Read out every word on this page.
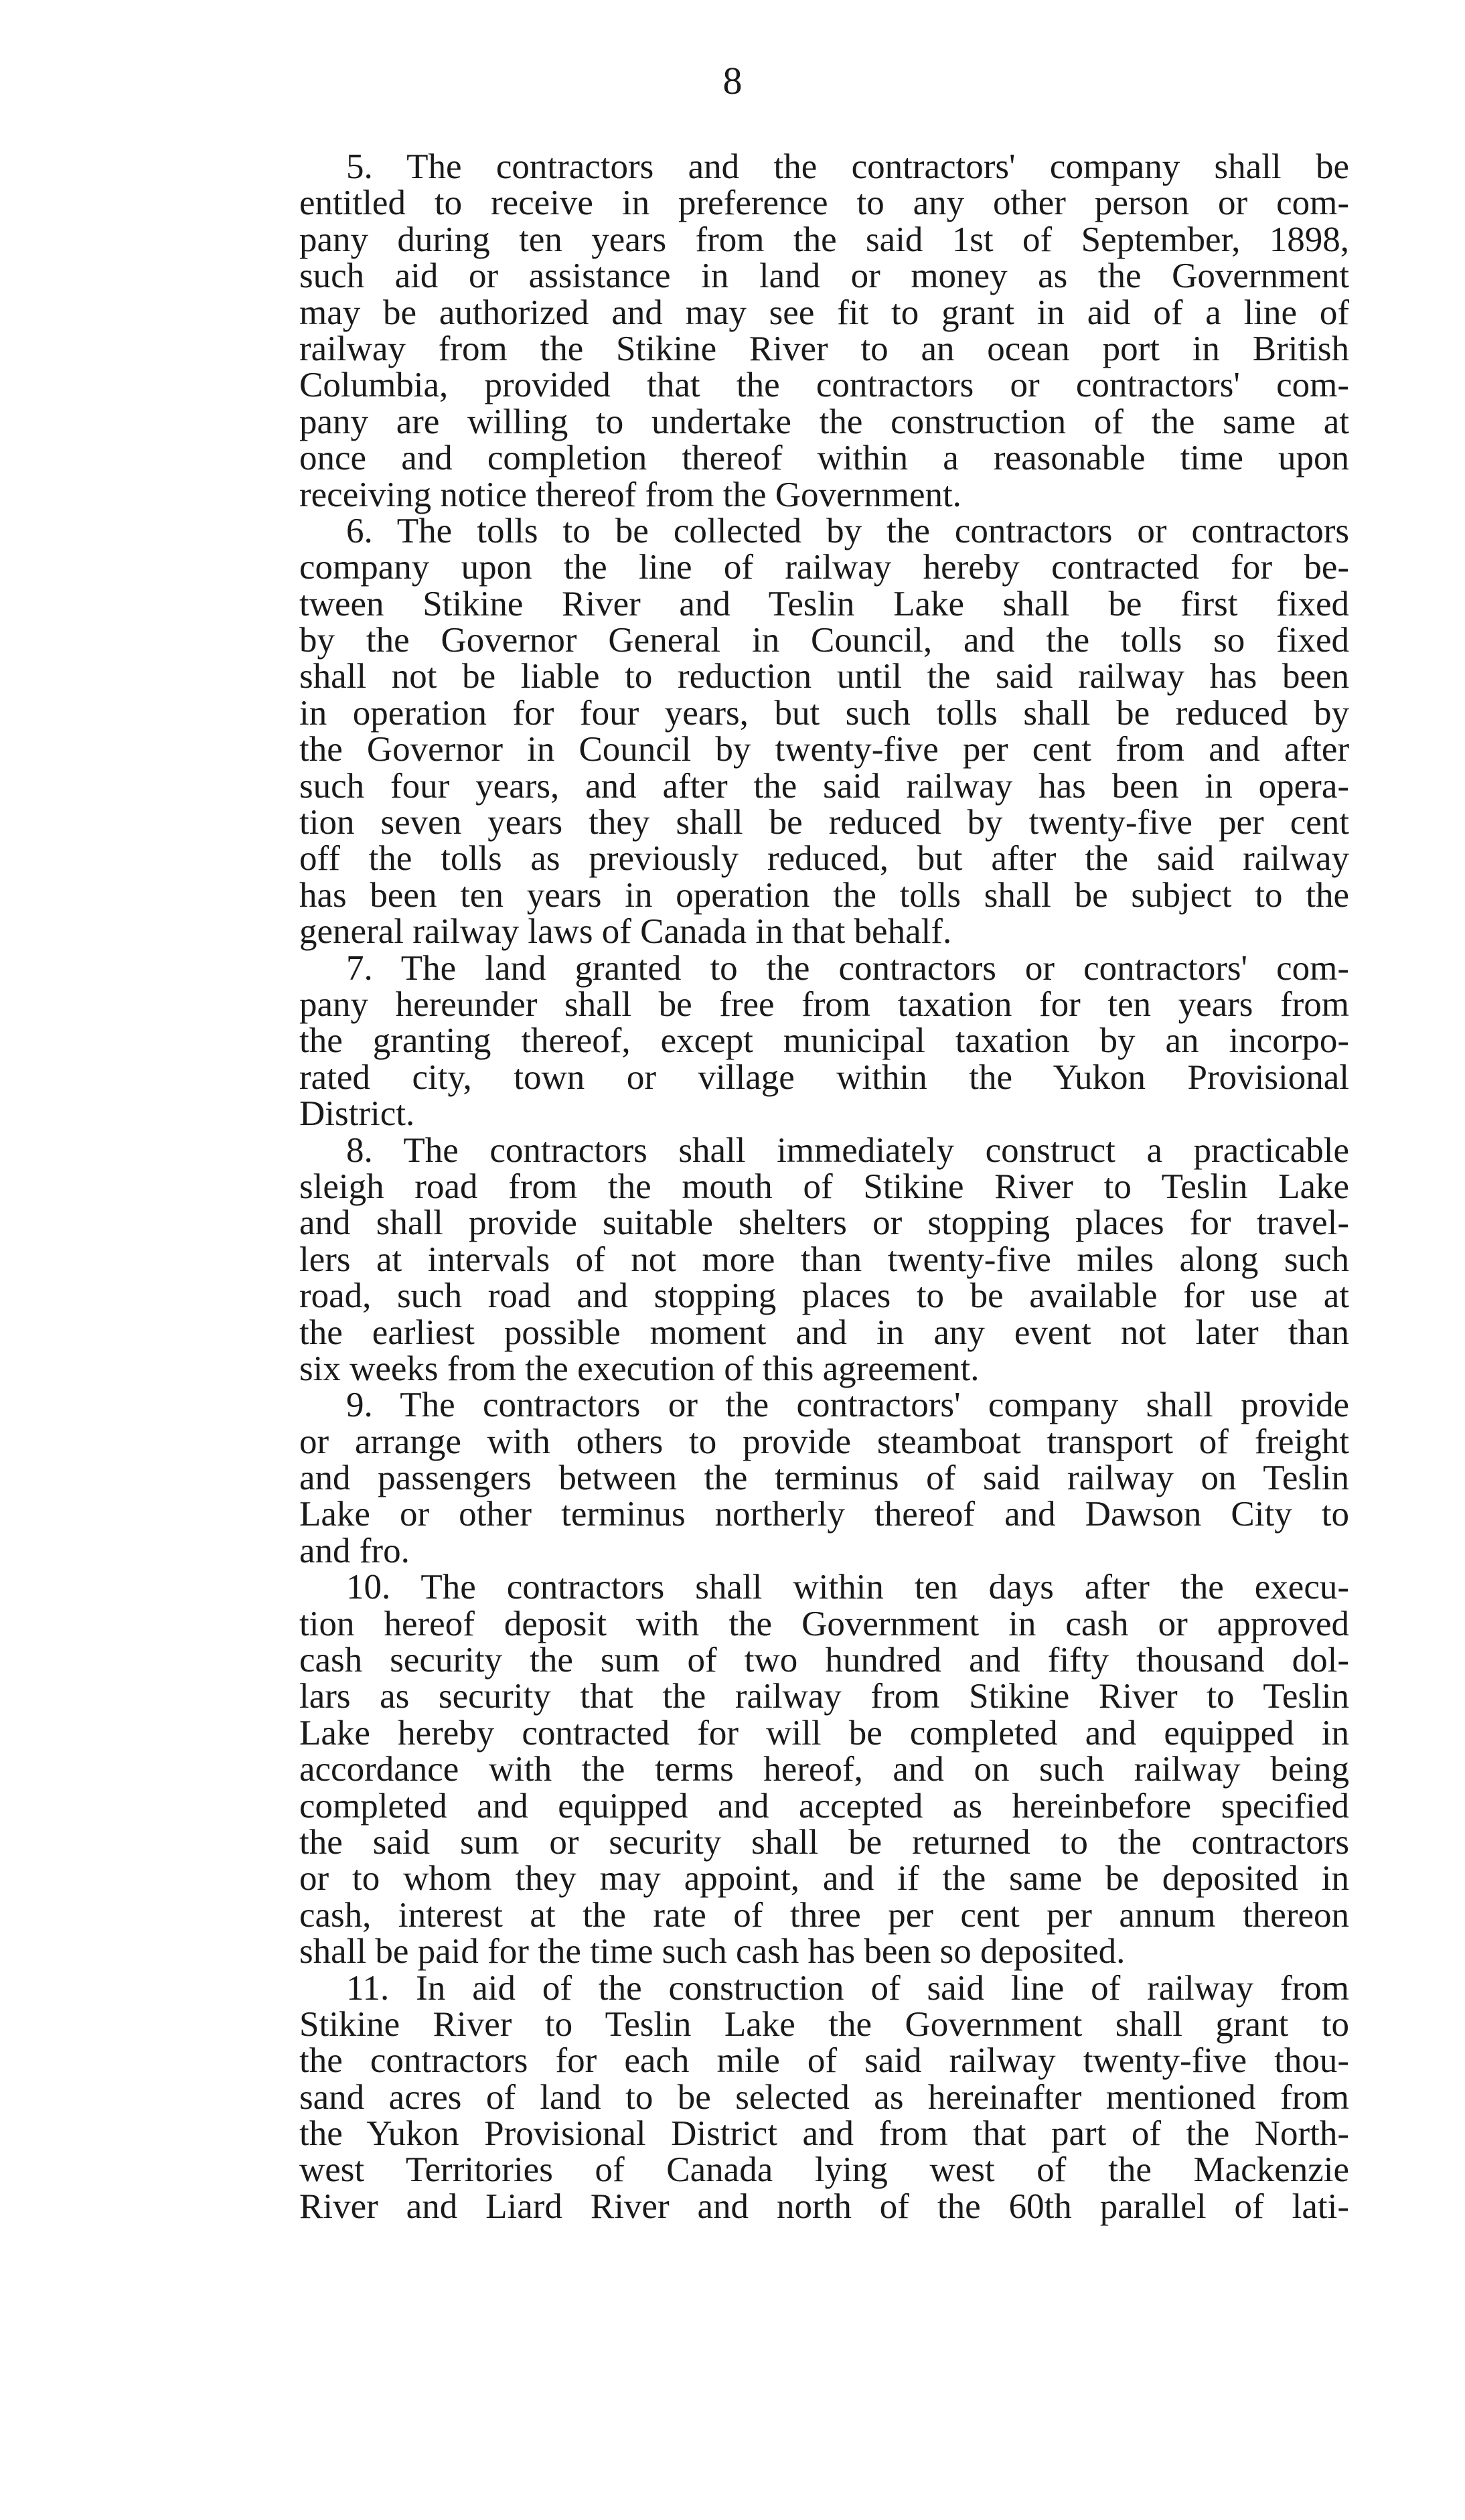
8
5. The contractors and the contractors' company shall be
entitled to receive in preference to any other person or com-
pany during ten years from the said 1st of September, 1898,
such aid or assistance in land or money as the Government
may be authorized and may see fit to grant in aid of a line of
railway from the Stikine River to an ocean port in British
Columbia, provided that the contractors or contractors' com-
pany are willing to undertake the construction of the same at
once and completion thereof within a reasonable time upon
receiving notice thereof from the Government.
6. The tolls to be collected by the contractors or contractors
company upon the line of railway hereby contracted for be-
tween Stikine River and Teslin Lake shall be first fixed
by the Governor General in Council, and the tolls so fixed
shall not be liable to reduction until the said railway has been
in operation for four years, but such tolls shall be reduced by
the Governor in Council by twenty-five per cent from and after
such four years, and after the said railway has been in opera-
tion seven years they shall be reduced by twenty-five per cent
off the tolls as previously reduced, but after the said railway
has been ten years in operation the tolls shall be subject to the
general railway laws of Canada in that behalf.
7. The land granted to the contractors or contractors' com-
pany hereunder shall be free from taxation for ten years from
the granting thereof, except municipal taxation by an incorpo-
rated city, town or village within the Yukon Provisional
District.
8. The contractors shall immediately construct a practicable
sleigh road from the mouth of Stikine River to Teslin Lake
and shall provide suitable shelters or stopping places for travel-
lers at intervals of not more than twenty-five miles along such
road, such road and stopping places to be available for use at
the earliest possible moment and in any event not later than
six weeks from the execution of this agreement.
9. The contractors or the contractors' company shall provide
or arrange with others to provide steamboat transport of freight
and passengers between the terminus of said railway on Teslin
Lake or other terminus northerly thereof and Dawson City to
and fro.
10. The contractors shall within ten days after the execu-
tion hereof deposit with the Government in cash or approved
cash security the sum of two hundred and fifty thousand dol-
lars as security that the railway from Stikine River to Teslin
Lake hereby contracted for will be completed and equipped in
accordance with the terms hereof, and on such railway being
completed and equipped and accepted as hereinbefore specified
the said sum or security shall be returned to the contractors
or to whom they may appoint, and if the same be deposited in
cash, interest at the rate of three per cent per annum thereon
shall be paid for the time such cash has been so deposited.
11. In aid of the construction of said line of railway from
Stikine River to Teslin Lake the Government shall grant to
the contractors for each mile of said railway twenty-five thou-
sand acres of land to be selected as hereinafter mentioned from
the Yukon Provisional District and from that part of the North-
west Territories of Canada lying west of the Mackenzie
River and Liard River and north of the 60th parallel of lati-
